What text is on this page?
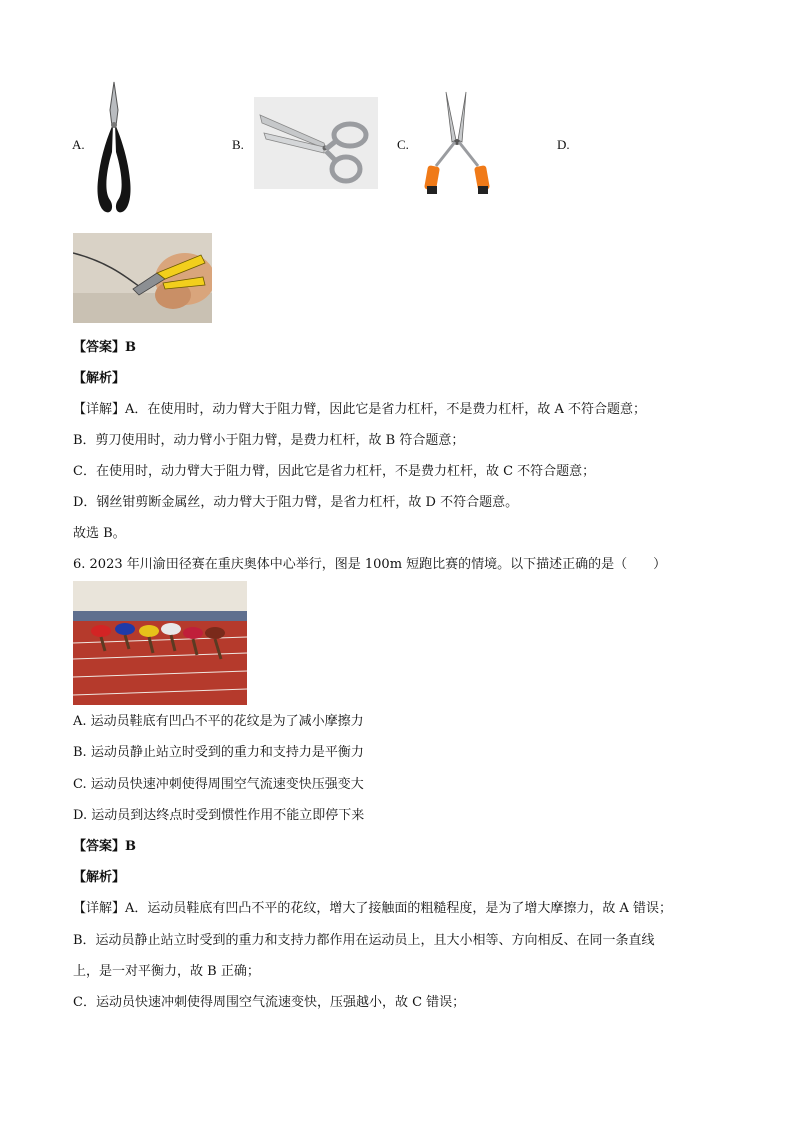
A.	B.	C.	D.
【答案】B
【解析】
【详解】A．在使用时，动力臂大于阻力臂，因此它是省力杠杆，不是费力杠杆，故 A 不符合题意；
B．剪刀使用时，动力臂小于阻力臂，是费力杠杆，故 B 符合题意；
C．在使用时，动力臂大于阻力臂，因此它是省力杠杆，不是费力杠杆，故 C 不符合题意；
D．钢丝钳剪断金属丝，动力臂大于阻力臂，是省力杠杆，故 D 不符合题意。
故选 B。
6. 2023 年川渝田径赛在重庆奥体中心举行，图是 100m 短跑比赛的情境。以下描述正确的是（　　）
A. 运动员鞋底有凹凸不平的花纹是为了减小摩擦力
B. 运动员静止站立时受到的重力和支持力是平衡力
C. 运动员快速冲刺使得周围空气流速变快压强变大
D. 运动员到达终点时受到惯性作用不能立即停下来
【答案】B
【解析】
【详解】A．运动员鞋底有凹凸不平的花纹，增大了接触面的粗糙程度，是为了增大摩擦力，故 A 错误；
B．运动员静止站立时受到的重力和支持力都作用在运动员上，且大小相等、方向相反、在同一条直线
上，是一对平衡力，故 B 正确；
C．运动员快速冲刺使得周围空气流速变快，压强越小，故 C 错误；
